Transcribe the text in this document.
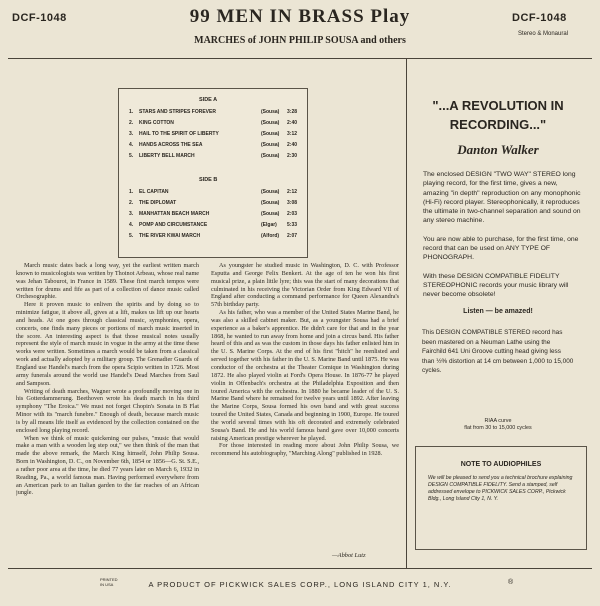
DCF-1048	99 MEN IN BRASS Play	DCF-1048
Stereo & Monaural
MARCHES of JOHN PHILIP SOUSA and others
SIDE A
1. STARS AND STRIPES FOREVER	(Sousa) 3:28
2. KING COTTON	(Sousa) 2:40
3. HAIL TO THE SPIRIT OF LIBERTY	(Sousa) 3:12
4. HANDS ACROSS THE SEA	(Sousa) 2:40
5. LIBERTY BELL MARCH	(Sousa) 2:30
SIDE B
1. EL CAPITAN	(Sousa) 2:12
2. THE DIPLOMAT	(Sousa) 3:08
3. MANHATTAN BEACH MARCH	(Sousa) 2:03
4. POMP AND CIRCUMSTANCE	(Elgar) 5:33
5. THE RIVER KWAI MARCH	(Alford) 2:07

March music dates back a long way, yet the earliest written march known to musicologists was written by Thoinot Arbeau, whose real name was Jehan Tabourot, in France in 1589. These first march tempos were written for drums and fife as part of a collection of dance music called Orchesographie.

Here it proven music to enliven the spirits and by doing so to minimize fatigue, it above all, gives at a lift, makes us lift up our hearts and heads. At one goes through classical music, symphonies, opera, concerts, one finds many pieces or portions of march music inserted in the score. An interesting aspect is that those musical notes usually represent the style of march music in vogue in the army at the time these works were written. Sometimes a march would be taken from a classical work and actually adopted by a military group. The Grenadier Guards of England use Handel's march from the opera Scipio written in 1726. Most army funerals around the world use Handel's Dead Marches from Saul and Sampson.

Writing of death marches, Wagner wrote a profoundly moving one in his Gotterdammerung. Beethoven wrote his death march in his third symphony "The Eroica." We must not forget Chopin's Sonata in B Flat Minor with its "march funebre." Enough of death, because march music is by all means life itself as evidenced by the collection contained on the enclosed long playing record.

When we think of music quickening our pulses, "music that would make a man with a wooden leg step out," we then think of the man that made the above remark, the March King himself, John Philip Sousa. Born in Washington, D. C., on November 6th, 1854 or 1856—G. St. S.E., a rather poor area at the time, he died 77 years later on March 6, 1932 in Reading, Pa., a world famous man. Having performed everywhere from an American park to an Italian garden to the far reaches of an African jungle.

As youngster he studied music in Washington, D. C. with Professor Esputta and George Felix Benkert. At the age of ten he won his first musical prize, a plain little lyre; this was the start of many decorations that culminated in his receiving the Victorian Order from King Edward VII of England after conducting a command performance for Queen Alexandra's 57th birthday party.

As his father, who was a member of the United States Marine Band, he was also a skilled cabinet maker. But, as a youngster Sousa had a brief experience as a baker's apprentice. He didn't care for that and in the year 1868, he wanted to run away from home and join a circus band. His father heard of this and as was the custom in those days his father enlisted him in the U. S. Marine Corps. At the end of his first "hitch" he reenlisted and served together with his father in the U. S. Marine Band until 1875. He was conductor of the orchestra at the Theater Comique in Washington during 1872. He also played violin at Ford's Opera House. In 1876-77 he played violin in Offenbach's orchestra at the Philadelphia Exposition and then toured America with the orchestra. In 1880 he became leader of the U. S. Marine Band where he remained for twelve years until 1892. After leaving the Marine Corps, Sousa formed his own band and with great success toured the United States, Canada and beginning in 1900, Europe. He toured the world several times with his oft decorated and extremely celebrated Sousa's Band. He and his world famous band gave over 10,000 concerts raising American prestige wherever he played.

For those interested in reading more about John Philip Sousa, we recommend his autobiography, "Marching Along" published in 1928.

—Abbot Lutz
"...A REVOLUTION IN RECORDING..."
Danton Walker

The enclosed DESIGN "TWO WAY" STEREO long playing record, for the first time, gives a new, amazing "in depth" reproduction on any monophonic (Hi-Fi) record player. Stereophonically, it reproduces the ultimate in two-channel separation and sound on any stereo machine.

You are now able to purchase, for the first time, one record that can be used on ANY TYPE OF PHONOGRAPH.

With these DESIGN COMPATIBLE FIDELITY STEREOPHONIC records your music library will never become obsolete!

Listen — be amazed!

This DESIGN COMPATIBLE STEREO record has been mastered on a Neuman Lathe using the Fairchild 641 Uni Groove cutting head giving less than ½% distortion at 14 cm between 1,000 to 15,000 cycles.

RIAA curve
flat from 30 to 15,000 cycles
NOTE TO AUDIOPHILES
We will be pleased to send you a technical brochure explaining DESIGN COMPATIBLE FIDELITY. Send a stamped, self addressed envelope to PICKWICK SALES CORP., Pickwick Bldg., Long Island City 1, N. Y.
PRINTED
IN USA	A PRODUCT OF PICKWICK SALES CORP., LONG ISLAND CITY 1, N.Y.	®
